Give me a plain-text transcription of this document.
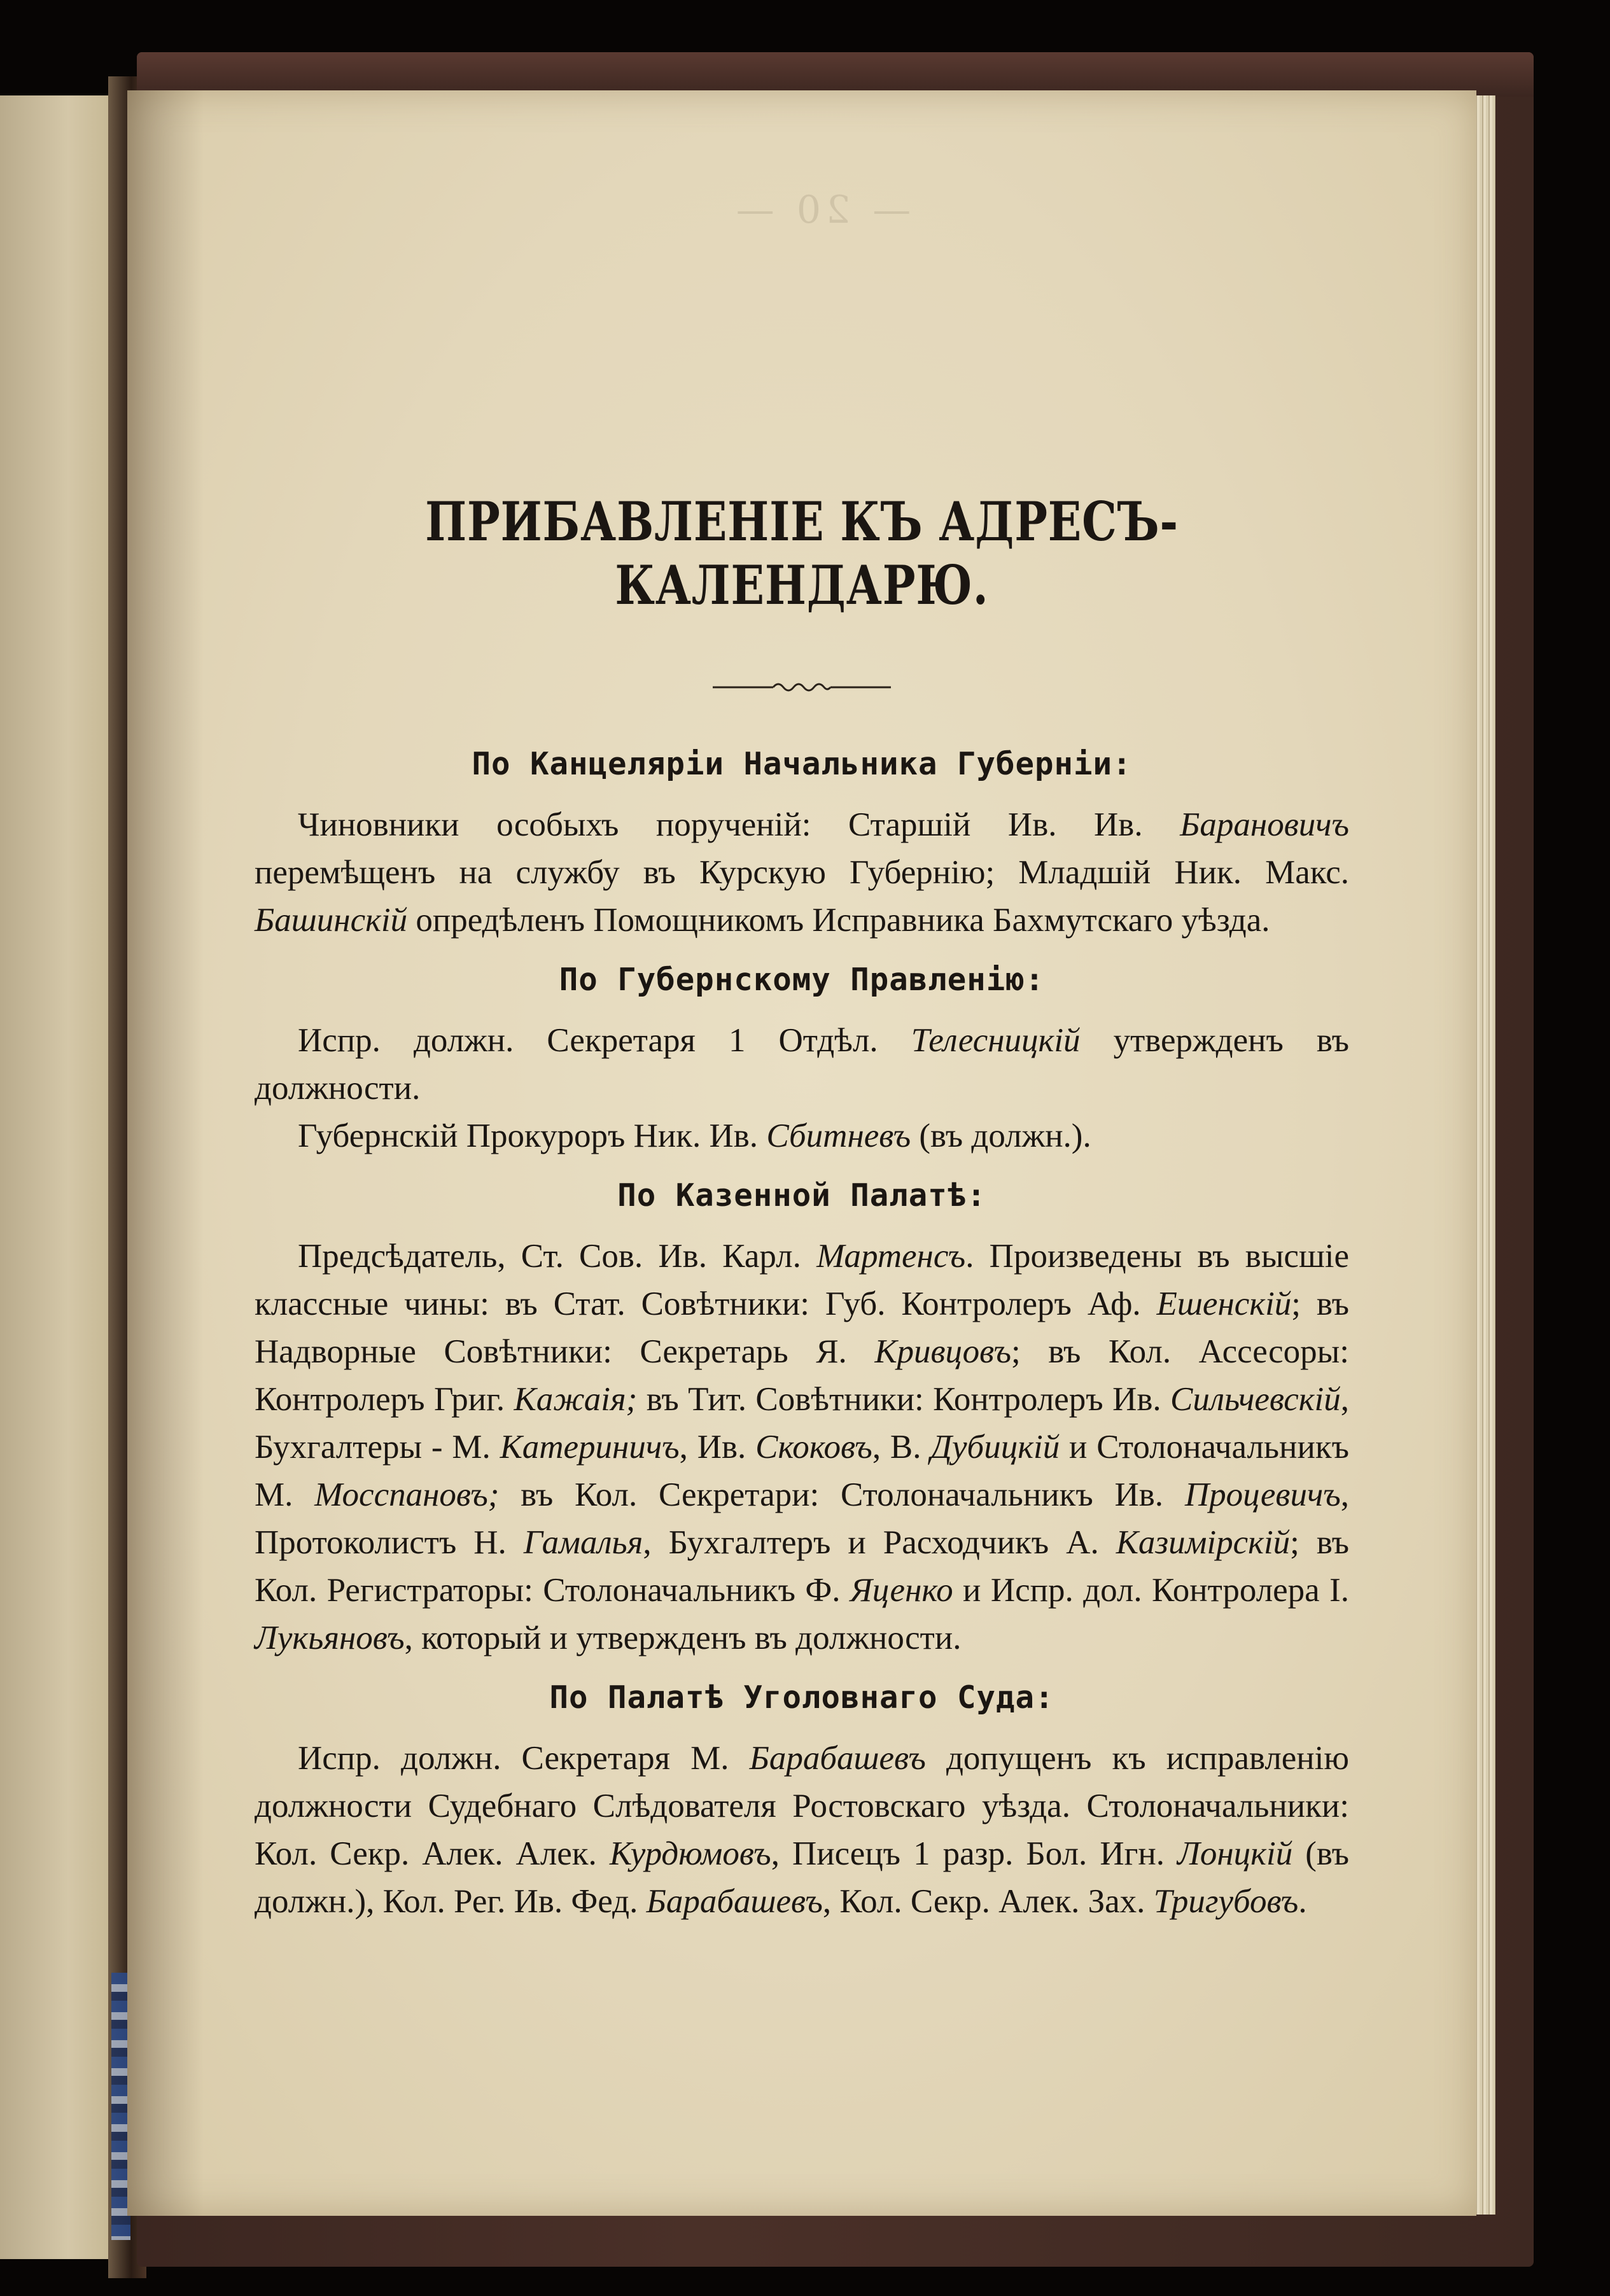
— 20 —
ПРИБАВЛЕНІЕ КЪ АДРЕСЪ-КАЛЕНДАРЮ.
По Канцеляріи Начальника Губерніи:
Чиновники особыхъ порученій: Старшій Ив. Ив. Барановичъ перемѣщенъ на службу въ Курскую Губернію; Младшій Ник. Макс. Башинскій опредѣленъ Помощникомъ Исправника Бахмутскаго уѣзда.
По Губернскому Правленію:
Испр. должн. Секретаря 1 Отдѣл. Телесницкій утвержденъ въ должности.
Губернскій Прокуроръ Ник. Ив. Сбитневъ (въ должн.).
По Казенной Палатѣ:
Предсѣдатель, Ст. Сов. Ив. Карл. Мартенсъ. Произведены въ высшіе классные чины: въ Стат. Совѣтники: Губ. Контролеръ Аф. Ешенскій; въ Надворные Совѣтники: Секретарь Я. Кривцовъ; въ Кол. Ассесоры: Контролеръ Григ. Кажаія; въ Тит. Совѣтники: Контролеръ Ив. Сильчевскій, Бухгалтеры - М. Катериничъ, Ив. Скоковъ, В. Дубицкій и Столоначальникъ М. Мосспановъ; въ Кол. Секретари: Столоначальникъ Ив. Процевичъ, Протоколистъ Н. Гамалья, Бухгалтеръ и Расходчикъ А. Казимірскій; въ Кол. Регистраторы: Столоначальникъ Ф. Яценко и Испр. дол. Контролера І. Лукьяновъ, который и утвержденъ въ должности.
По Палатѣ Уголовнаго Суда:
Испр. должн. Секретаря М. Барабашевъ допущенъ къ исправленію должности Судебнаго Слѣдователя Ростовскаго уѣзда. Столоначальники: Кол. Секр. Алек. Алек. Курдюмовъ, Писецъ 1 разр. Бол. Игн. Лонцкій (въ должн.), Кол. Рег. Ив. Фед. Барабашевъ, Кол. Секр. Алек. Зах. Тригубовъ.
